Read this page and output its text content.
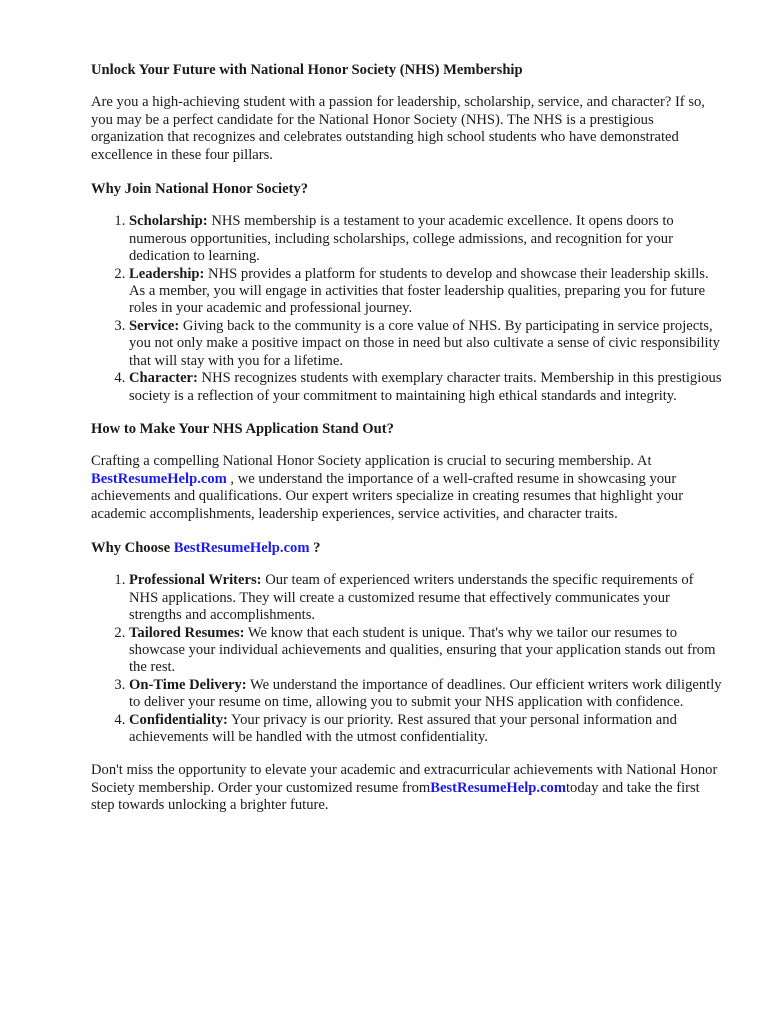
Unlock Your Future with National Honor Society (NHS) Membership

Are you a high-achieving student with a passion for leadership, scholarship, service, and character? If so, you may be a perfect candidate for the National Honor Society (NHS). The NHS is a prestigious organization that recognizes and celebrates outstanding high school students who have demonstrated excellence in these four pillars.

Why Join National Honor Society?
1. Scholarship: NHS membership is a testament to your academic excellence. It opens doors to numerous opportunities, including scholarships, college admissions, and recognition for your dedication to learning.
2. Leadership: NHS provides a platform for students to develop and showcase their leadership skills. As a member, you will engage in activities that foster leadership qualities, preparing you for future roles in your academic and professional journey.
3. Service: Giving back to the community is a core value of NHS. By participating in service projects, you not only make a positive impact on those in need but also cultivate a sense of civic responsibility that will stay with you for a lifetime.
4. Character: NHS recognizes students with exemplary character traits. Membership in this prestigious society is a reflection of your commitment to maintaining high ethical standards and integrity.
How to Make Your NHS Application Stand Out?

Crafting a compelling National Honor Society application is crucial to securing membership. At BestResumeHelp.com , we understand the importance of a well-crafted resume in showcasing your achievements and qualifications. Our expert writers specialize in creating resumes that highlight your academic accomplishments, leadership experiences, service activities, and character traits.

Why Choose BestResumeHelp.com ?
1. Professional Writers: Our team of experienced writers understands the specific requirements of NHS applications. They will create a customized resume that effectively communicates your strengths and accomplishments.
2. Tailored Resumes: We know that each student is unique. That's why we tailor our resumes to showcase your individual achievements and qualities, ensuring that your application stands out from the rest.
3. On-Time Delivery: We understand the importance of deadlines. Our efficient writers work diligently to deliver your resume on time, allowing you to submit your NHS application with confidence.
4. Confidentiality: Your privacy is our priority. Rest assured that your personal information and achievements will be handled with the utmost confidentiality.

Don't miss the opportunity to elevate your academic and extracurricular achievements with National Honor Society membership. Order your customized resume fromBestResumeHelp.comtoday and take the first step towards unlocking a brighter future.
